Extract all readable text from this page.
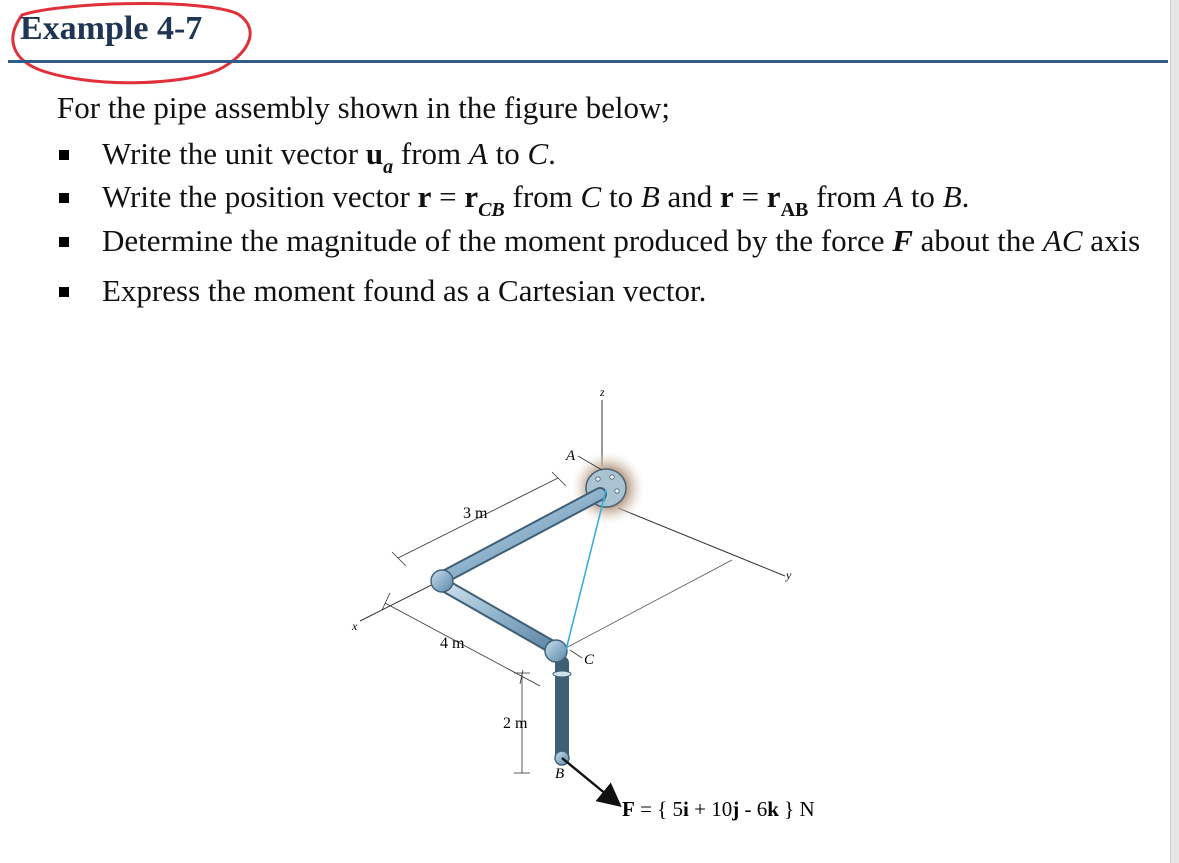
Example 4-7
For the pipe assembly shown in the figure below;
Write the unit vector $u_a$ from A to C.
Write the position vector $r = r_{CB}$ from C to B and $r = r_{AB}$ from A to B.
Determine the magnitude of the moment produced by the force F about the AC axis
Express the moment found as a Cartesian vector.
z
y
x
3 m
4 m
2 m
A
C
B
F = { 5i + 10j - 6k } N
